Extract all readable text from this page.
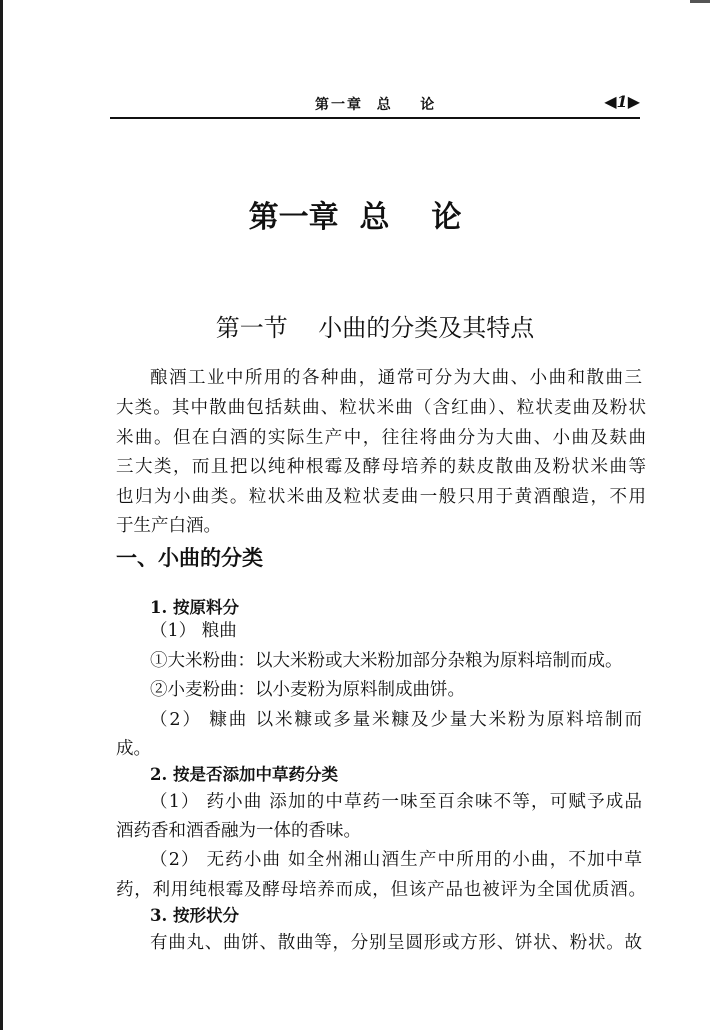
第一章  总    论	◀1▶
第一章  总    论
第一节    小曲的分类及其特点
酿酒工业中所用的各种曲，通常可分为大曲、小曲和散曲三
大类。其中散曲包括麸曲、粒状米曲（含红曲）、粒状麦曲及粉状
米曲。但在白酒的实际生产中，往往将曲分为大曲、小曲及麸曲
三大类，而且把以纯种根霉及酵母培养的麸皮散曲及粉状米曲等
也归为小曲类。粒状米曲及粒状麦曲一般只用于黄酒酿造，不用
于生产白酒。
一、小曲的分类
1. 按原料分
（1） 粮曲
①大米粉曲：以大米粉或大米粉加部分杂粮为原料培制而成。
②小麦粉曲：以小麦粉为原料制成曲饼。
（2） 糠曲 以米糠或多量米糠及少量大米粉为原料培制而
成。
2. 按是否添加中草药分类
（1） 药小曲 添加的中草药一味至百余味不等，可赋予成品
酒药香和酒香融为一体的香味。
（2） 无药小曲 如全州湘山酒生产中所用的小曲，不加中草
药，利用纯根霉及酵母培养而成，但该产品也被评为全国优质酒。
3. 按形状分
有曲丸、曲饼、散曲等，分别呈圆形或方形、饼状、粉状。故
